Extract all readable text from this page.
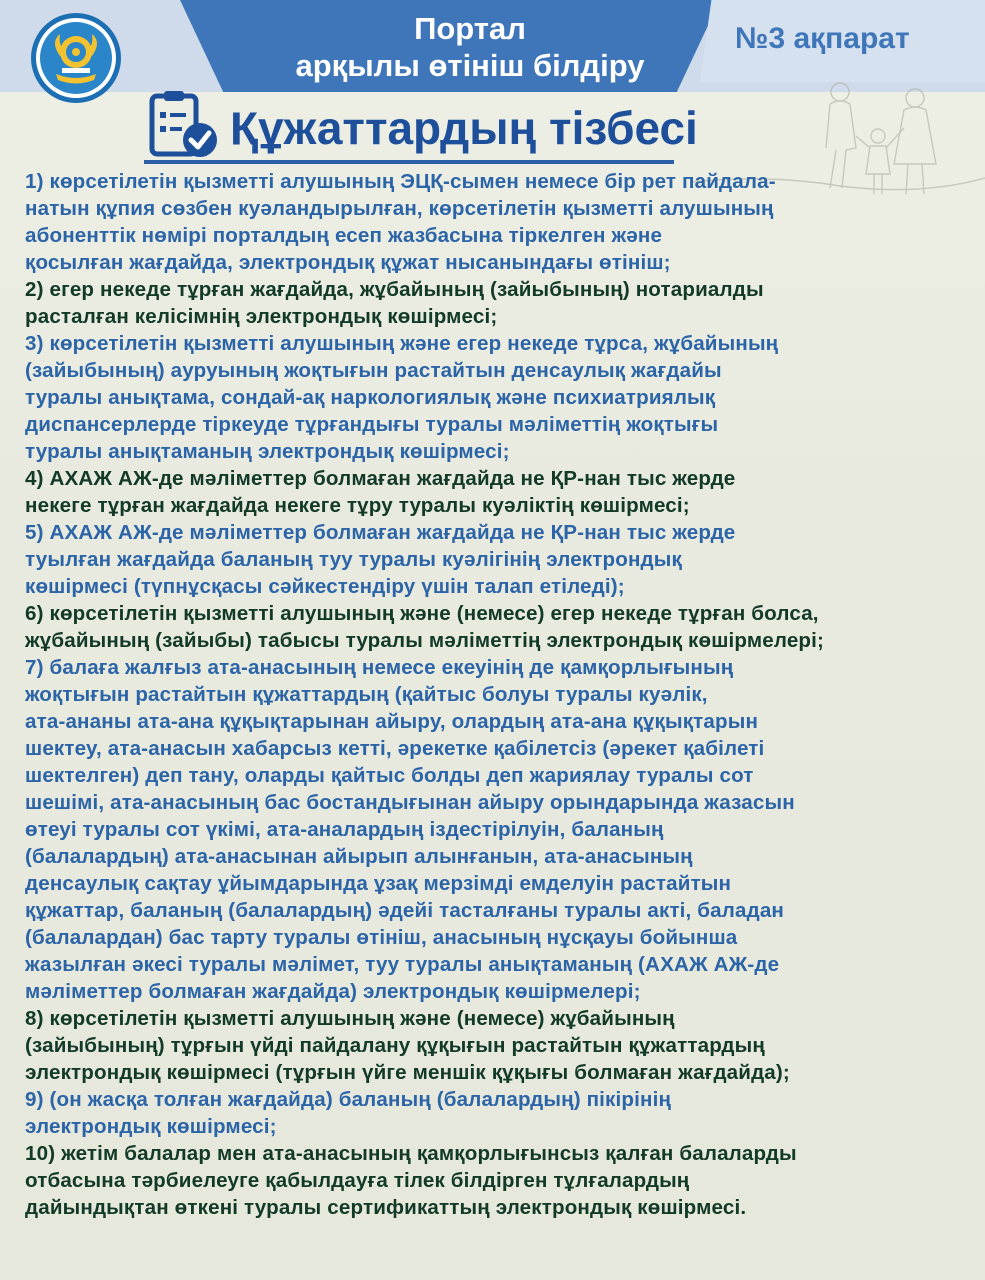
Портал
арқылы өтініш білдіру
№3 ақпарат
Құжаттардың тізбесі
1) көрсетілетін қызметті алушының ЭЦҚ-сымен немесе бір рет пайдала-
натын құпия сөзбен куәландырылған, көрсетілетін қызметті алушының
абоненттік нөмірі порталдың есеп жазбасына тіркелген және
қосылған жағдайда, электрондық құжат нысанындағы өтініш;
2) егер некеде тұрған жағдайда, жұбайының (зайыбының) нотариалды
расталған келісімнің электрондық көшірмесі;
3) көрсетілетін қызметті алушының және егер некеде тұрса, жұбайының
(зайыбының) ауруының жоқтығын растайтын денсаулық жағдайы
туралы анықтама, сондай-ақ наркологиялық және психиатриялық
диспансерлерде тіркеуде тұрғандығы туралы мәліметтің жоқтығы
туралы анықтаманың электрондық көшірмесі;
4) АХАЖ АЖ-де мәліметтер болмаған жағдайда не ҚР-нан тыс жерде
некеге тұрған жағдайда некеге тұру туралы куәліктің көшірмесі;
5) АХАЖ АЖ-де мәліметтер болмаған жағдайда не ҚР-нан тыс жерде
туылған жағдайда баланың туу туралы куәлігінің электрондық
көшірмесі (түпнұсқасы сәйкестендіру үшін талап етіледі);
6) көрсетілетін қызметті алушының және (немесе) егер некеде тұрған болса,
жұбайының (зайыбы) табысы туралы мәліметтің электрондық көшірмелері;
7) балаға жалғыз ата-анасының немесе екеуінің де қамқорлығының
жоқтығын растайтын құжаттардың (қайтыс болуы туралы куәлік,
ата-ананы ата-ана құқықтарынан айыру, олардың ата-ана құқықтарын
шектеу, ата-анасын хабарсыз кетті, әрекетке қабілетсіз (әрекет қабілеті
шектелген) деп тану, оларды қайтыс болды деп жариялау туралы сот
шешімі, ата-анасының бас бостандығынан айыру орындарында жазасын
өтеуі туралы сот үкімі, ата-аналардың іздестірілуін, баланың
(балалардың) ата-анасынан айырып алынғанын, ата-анасының
денсаулық сақтау ұйымдарында ұзақ мерзімді емделуін растайтын
құжаттар, баланың (балалардың) әдейі тасталғаны туралы акті, баладан
(балалардан) бас тарту туралы өтініш, анасының нұсқауы бойынша
жазылған әкесі туралы мәлімет, туу туралы анықтаманың (АХАЖ АЖ-де
мәліметтер болмаған жағдайда) электрондық көшірмелері;
8) көрсетілетін қызметті алушының және (немесе) жұбайының
(зайыбының) тұрғын үйді пайдалану құқығын растайтын құжаттардың
электрондық көшірмесі (тұрғын үйге меншік құқығы болмаған жағдайда);
9) (он жасқа толған жағдайда) баланың (балалардың) пікірінің
электрондық көшірмесі;
10) жетім балалар мен ата-анасының қамқорлығынсыз қалған балаларды
отбасына тәрбиелеуге қабылдауға тілек білдірген тұлғалардың
дайындықтан өткені туралы сертификаттың электрондық көшірмесі.
